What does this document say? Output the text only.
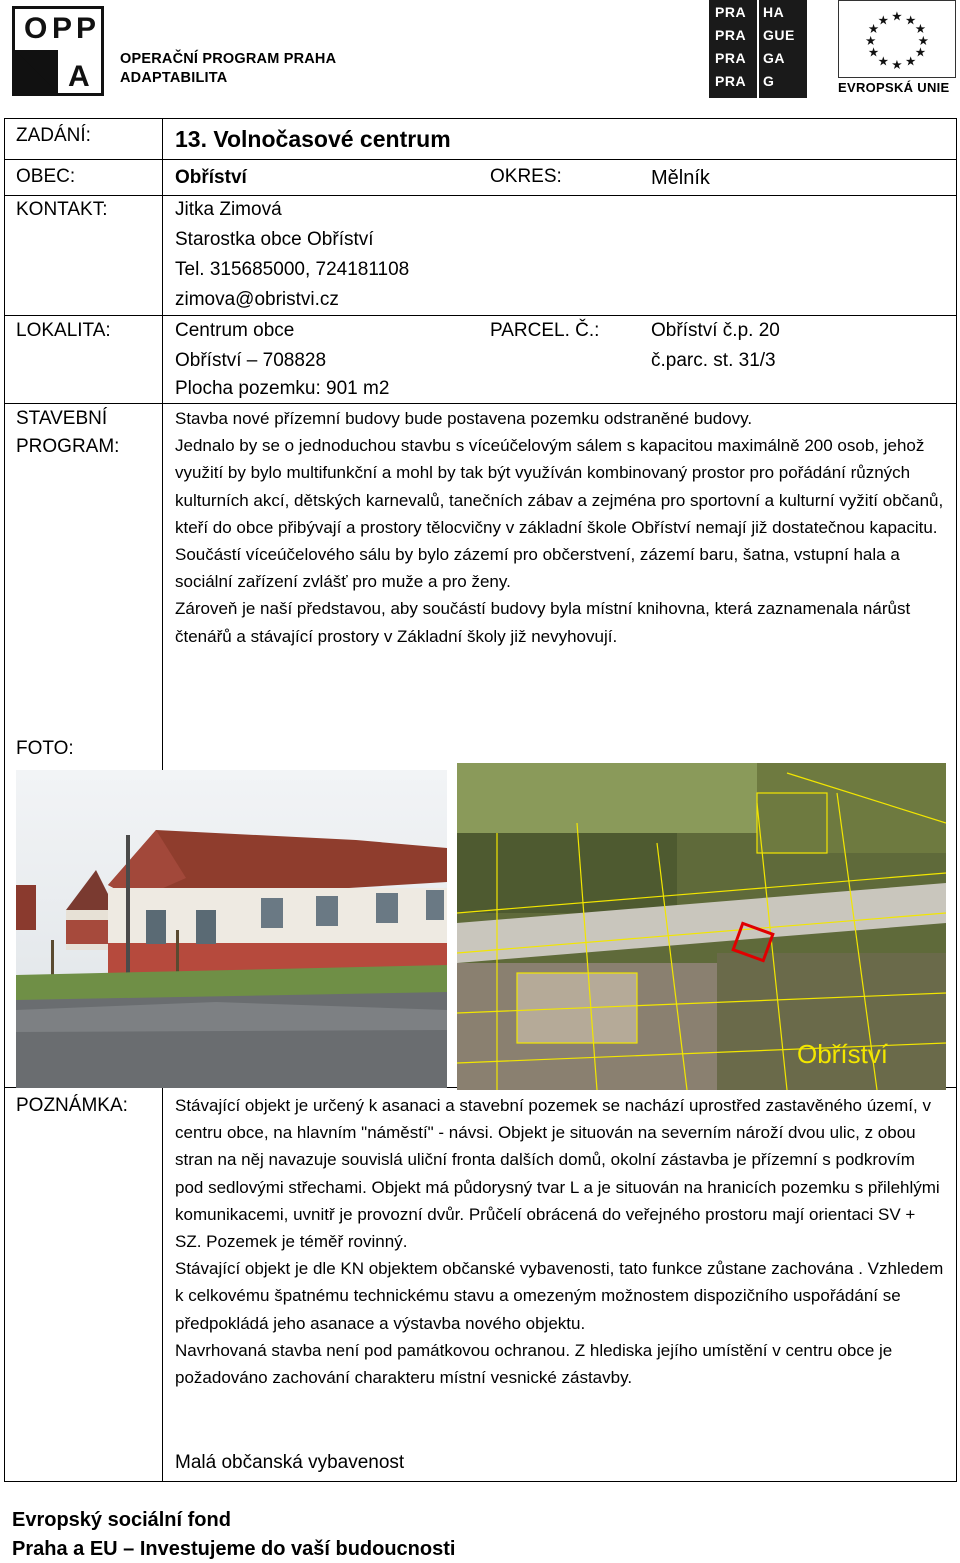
O P P
A
OPERAČNÍ PROGRAM PRAHA
ADAPTABILITA
PRA HA
PRA GUE
PRA GA
PRA G
★ ★
★
★
★
★
★
★
★
★
★
★
EVROPSKÁ UNIE
ZADÁNÍ:	13. Volnočasové centrum
OBEC:	Obříství	OKRES:	Mělník
KONTAKT:	Jitka Zimová
Starostka obce Obříství
Tel. 315685000, 724181108
zimova@obristvi.cz
LOKALITA:	Centrum obce
Obříství – 708828
Plocha pozemku: 901 m2
PARCEL. Č.:	Obříství č.p. 20
č.parc. st. 31/3
STAVEBNÍ
PROGRAM:

Stavba nové přízemní budovy bude postavena pozemku odstraněné budovy.

Jednalo by se o jednoduchou stavbu s víceúčelovým sálem s kapacitou maximálně 200 osob, jehož využití by bylo multifunkční a mohl by tak být využíván kombinovaný prostor pro pořádání různých kulturních akcí, dětských karnevalů, tanečních zábav a zejména pro sportovní a kulturní vyžití občanů, kteří do obce přibývají a prostory tělocvičny v základní škole Obříství nemají již dostatečnou kapacitu.

Součástí víceúčelového sálu by bylo zázemí pro občerstvení, zázemí baru, šatna, vstupní hala a sociální zařízení zvlášť pro muže a pro ženy.

Zároveň je naší představou, aby součástí budovy byla místní knihovna, která zaznamenala nárůst čtenářů a stávající prostory v Základní školy již nevyhovují.

FOTO:
Obříství
POZNÁMKA:	Stávající objekt je určený k asanaci a stavební pozemek se nachází uprostřed zastavěného území, v centru obce, na hlavním "náměstí" - návsi. Objekt je situován na severním nároží dvou ulic, z obou stran na něj navazuje souvislá uliční fronta dalších domů, okolní zástavba je přízemní s podkrovím pod sedlovými střechami. Objekt má půdorysný tvar L a je situován na hranicích pozemku s přilehlými komunikacemi, uvnitř je provozní dvůr. Průčelí obrácená do veřejného prostoru mají orientaci SV + SZ. Pozemek je téměř rovinný.

Stávající objekt je dle KN objektem občanské vybavenosti, tato funkce zůstane zachována . Vzhledem k celkovému špatnému technickému stavu a omezeným možnostem dispozičního uspořádání se předpokládá jeho asanace a výstavba nového objektu.

Navrhovaná stavba není pod památkovou ochranou. Z hlediska jejího umístění v centru obce je požadováno zachování charakteru místní vesnické zástavby.

Malá občanská vybavenost
Evropský sociální fond
Praha a EU – Investujeme do vaší budoucnosti
